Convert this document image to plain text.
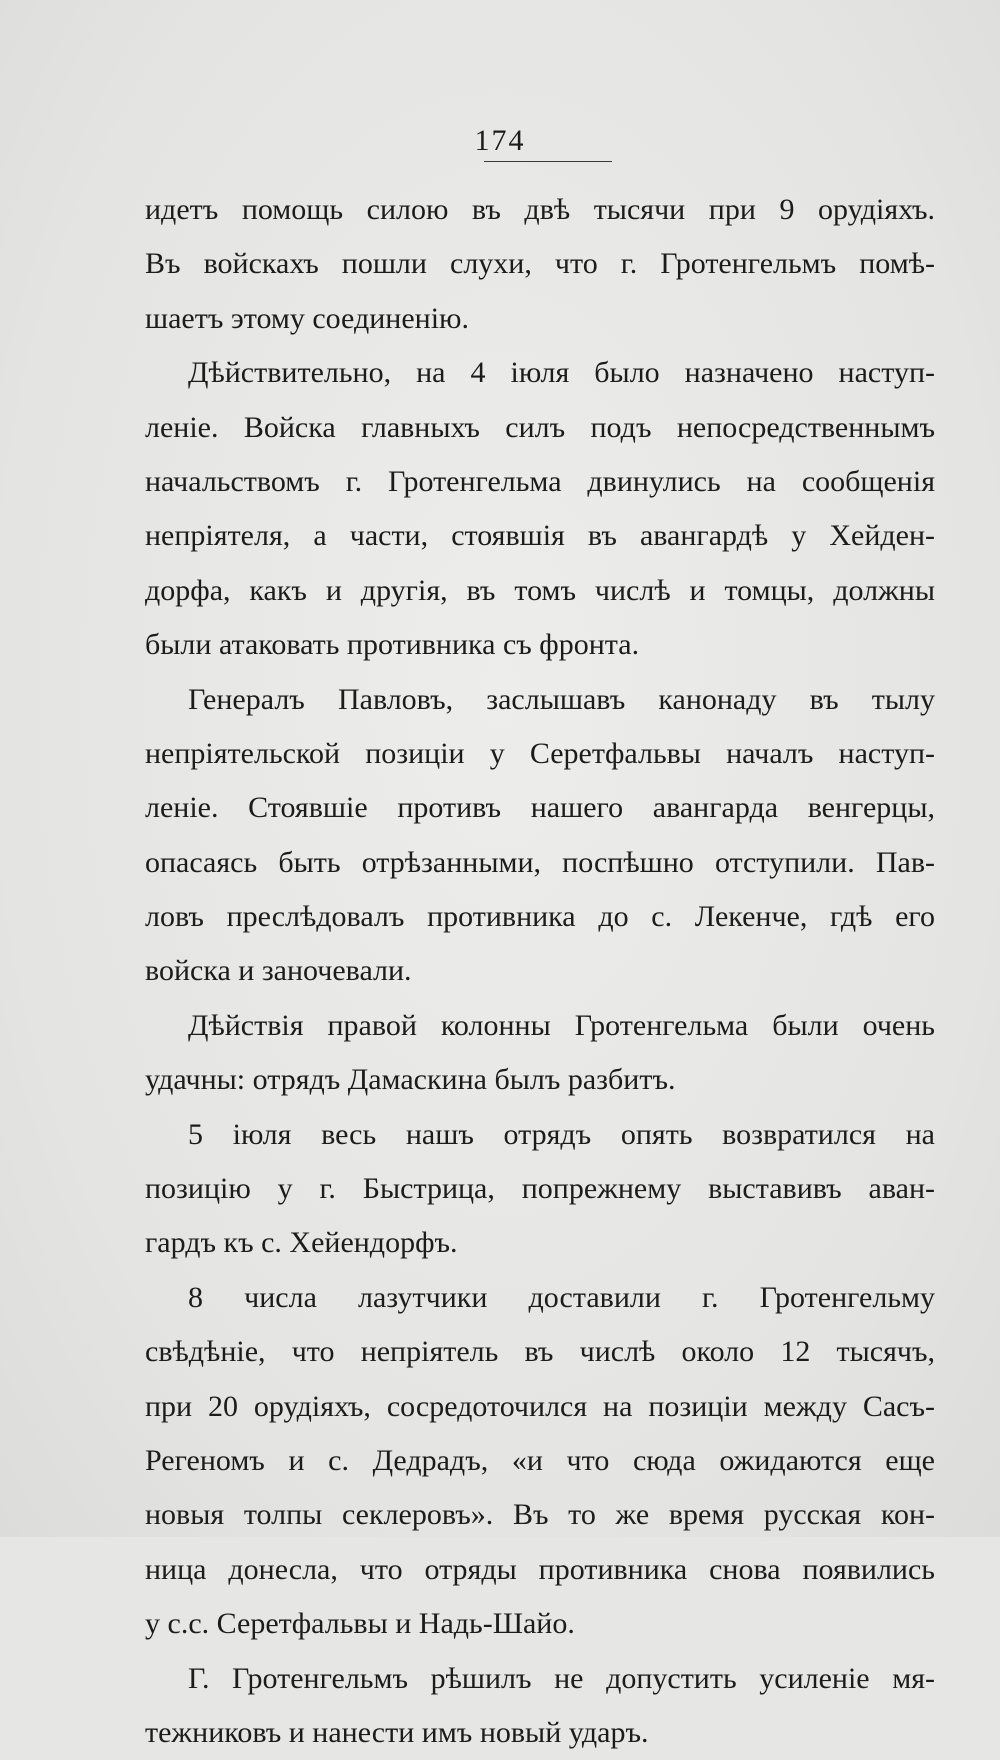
174
идетъ помощь силою въ двѣ тысячи при 9 орудіяхъ.
Въ войскахъ пошли слухи, что г. Гротенгельмъ помѣ-
шаетъ этому соединенію.
Дѣйствительно, на 4 іюля было назначено наступ-
леніе. Войска главныхъ силъ подъ непосредственнымъ
начальствомъ г. Гротенгельма двинулись на сообщенія
непріятеля, а части, стоявшія въ авангардѣ у Хейден-
дорфа, какъ и другія, въ томъ числѣ и томцы, должны
были атаковать противника съ фронта.
Генералъ Павловъ, заслышавъ канонаду въ тылу
непріятельской позиціи у Серетфальвы началъ наступ-
леніе. Стоявшіе противъ нашего авангарда венгерцы,
опасаясь быть отрѣзанными, поспѣшно отступили. Пав-
ловъ преслѣдовалъ противника до с. Лекенче, гдѣ его
войска и заночевали.
Дѣйствія правой колонны Гротенгельма были очень
удачны: отрядъ Дамаскина былъ разбитъ.
5 іюля весь нашъ отрядъ опять возвратился на
позицію у г. Быстрица, попрежнему выставивъ аван-
гардъ къ с. Хейендорфъ.
8 числа лазутчики доставили г. Гротенгельму
свѣдѣніе, что непріятель въ числѣ около 12 тысячъ,
при 20 орудіяхъ, сосредоточился на позиціи между Сасъ-
Регеномъ и с. Дедрадъ, «и что сюда ожидаются еще
новыя толпы секлеровъ». Въ то же время русская кон-
ница донесла, что отряды противника снова появились
у с.с. Серетфальвы и Надь-Шайо.
Г. Гротенгельмъ рѣшилъ не допустить усиленіе мя-
тежниковъ и нанести имъ новый ударъ.
